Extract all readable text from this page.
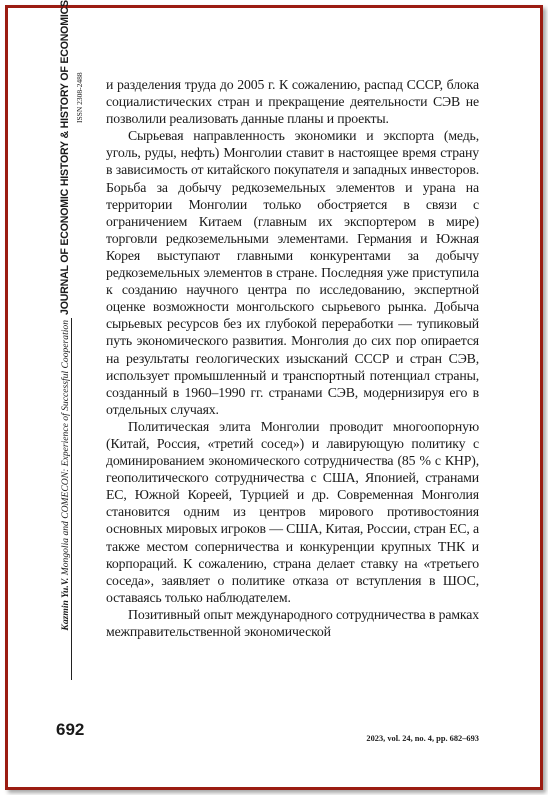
JOURNAL OF ECONOMIC HISTORY & HISTORY OF ECONOMICS ISSN 2308-2488
Kazmin Yu.V. Mongolia and COMECON: Experience of Successful Cooperation

и разделения труда до 2005 г. К сожалению, распад СССР, блока социалистических стран и прекращение деятельности СЭВ не позволили реализовать данные планы и проекты.

Сырьевая направленность экономики и экспорта (медь, уголь, руды, нефть) Монголии ставит в настоящее время страну в зависимость от китайского покупателя и западных инвесторов. Борьба за добычу редкоземельных элементов и урана на территории Монголии только обостряется в связи с ограничением Китаем (главным их экспортером в мире) торговли редкоземельными элементами. Германия и Южная Корея выступают главными конкурентами за добычу редкоземельных элементов в стране. Последняя уже приступила к созданию научного центра по исследованию, экспертной оценке возможности монгольского сырьевого рынка. Добыча сырьевых ресурсов без их глубокой переработки — тупиковый путь экономического развития. Монголия до сих пор опирается на результаты геологических изысканий СССР и стран СЭВ, использует промышленный и транспортный потенциал страны, созданный в 1960–1990 гг. странами СЭВ, модернизируя его в отдельных случаях.

Политическая элита Монголии проводит многоопорную (Китай, Россия, «третий сосед») и лавирующую политику с доминированием экономического сотрудничества (85 % с КНР), геополитического сотрудничества с США, Японией, странами ЕС, Южной Кореей, Турцией и др. Современная Монголия становится одним из центров мирового противостояния основных мировых игроков — США, Китая, России, стран ЕС, а также местом соперничества и конкуренции крупных ТНК и корпораций. К сожалению, страна делает ставку на «третьего соседа», заявляет о политике отказа от вступления в ШОС, оставаясь только наблюдателем.

Позитивный опыт международного сотрудничества в рамках межправительственной экономической

692	2023, vol. 24, no. 4, pp. 682–693
